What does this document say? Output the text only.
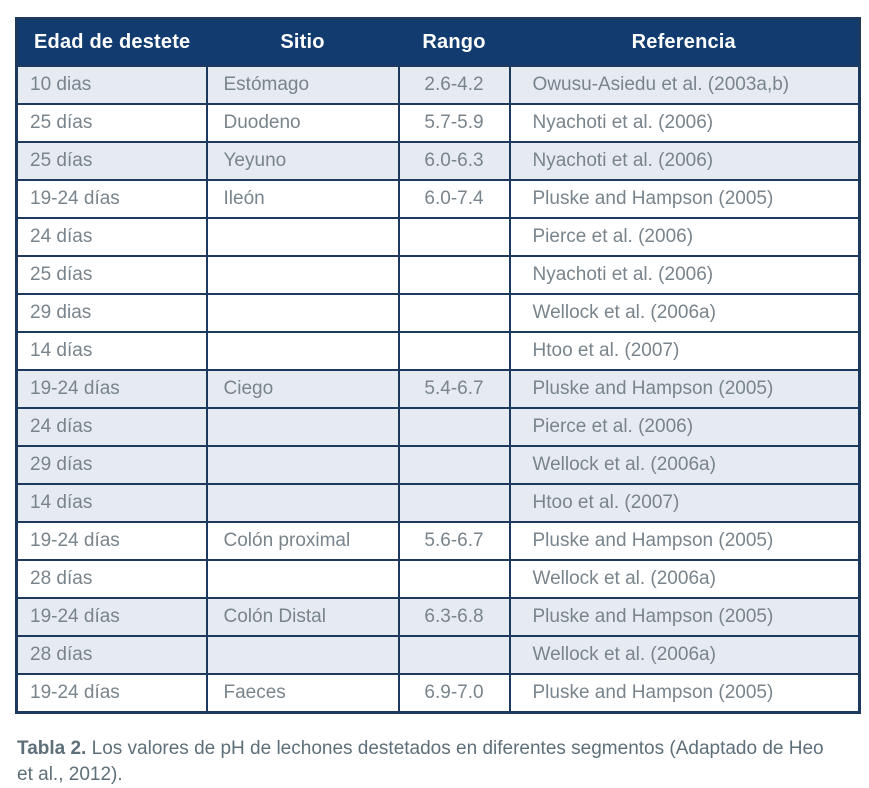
Edad de destete	Sitio	Rango	Referencia
10 dias	Estómago	2.6-4.2	Owusu-Asiedu et al. (2003a,b)
25 días	Duodeno	5.7-5.9	Nyachoti et al. (2006)
25 días	Yeyuno	6.0-6.3	Nyachoti et al. (2006)
19-24 días	Ileón	6.0-7.4	Pluske and Hampson (2005)
24 días			Pierce et al. (2006)
25 días			Nyachoti et al. (2006)
29 dias			Wellock et al. (2006a)
14 días			Htoo et al. (2007)
19-24 días	Ciego	5.4-6.7	Pluske and Hampson (2005)
24 días			Pierce et al. (2006)
29 días			Wellock et al. (2006a)
14 días			Htoo et al. (2007)
19-24 días	Colón proximal	5.6-6.7	Pluske and Hampson (2005)
28 días			Wellock et al. (2006a)
19-24 días	Colón Distal	6.3-6.8	Pluske and Hampson (2005)
28 días			Wellock et al. (2006a)
19-24 días	Faeces	6.9-7.0	Pluske and Hampson (2005)

Tabla 2. Los valores de pH de lechones destetados en diferentes segmentos (Adaptado de Heo et al., 2012).
